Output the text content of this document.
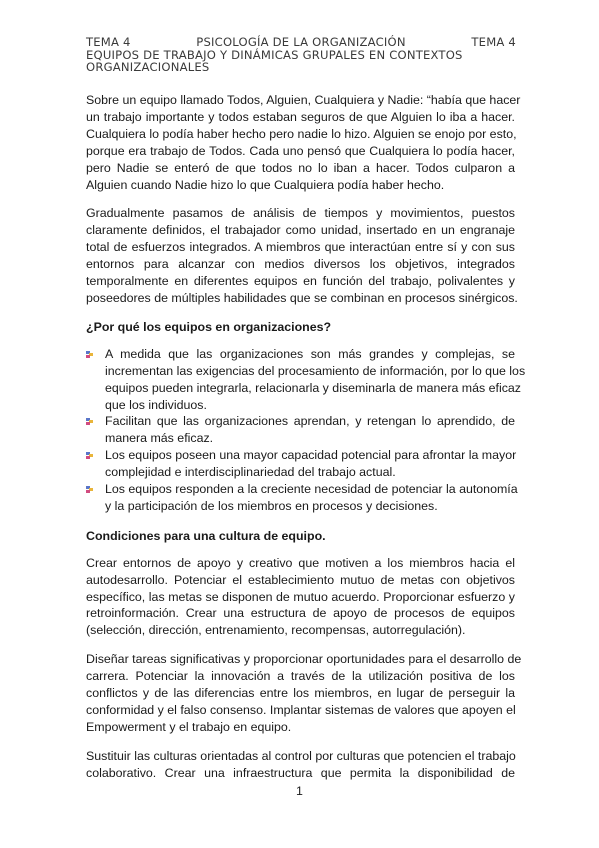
TEMA 4	PSICOLOGÍA DE LA ORGANIZACIÓN	TEMA 4
EQUIPOS DE TRABAJO Y DINÁMICAS GRUPALES EN CONTEXTOS
ORGANIZACIONALES

Sobre un equipo llamado Todos, Alguien, Cualquiera y Nadie: “había que hacer
un trabajo importante y todos estaban seguros de que Alguien lo iba a hacer.
Cualquiera lo podía haber hecho pero nadie lo hizo. Alguien se enojo por esto,
porque era trabajo de Todos. Cada uno pensó que Cualquiera lo podía hacer,
pero Nadie se enteró de que todos no lo iban a hacer. Todos culparon a
Alguien cuando Nadie hizo lo que Cualquiera podía haber hecho.

Gradualmente pasamos de análisis de tiempos y movimientos, puestos
claramente definidos, el trabajador como unidad, insertado en un engranaje
total de esfuerzos integrados. A miembros que interactúan entre sí y con sus
entornos para alcanzar con medios diversos los objetivos, integrados
temporalmente en diferentes equipos en función del trabajo, polivalentes y
poseedores de múltiples habilidades que se combinan en procesos sinérgicos.

¿Por qué los equipos en organizaciones?
A medida que las organizaciones son más grandes y complejas, se
incrementan las exigencias del procesamiento de información, por lo que los
equipos pueden integrarla, relacionarla y diseminarla de manera más eficaz
que los individuos.
Facilitan que las organizaciones aprendan, y retengan lo aprendido, de
manera más eficaz.
Los equipos poseen una mayor capacidad potencial para afrontar la mayor
complejidad e interdisciplinariedad del trabajo actual.
Los equipos responden a la creciente necesidad de potenciar la autonomía
y la participación de los miembros en procesos y decisiones.
Condiciones para una cultura de equipo.

Crear entornos de apoyo y creativo que motiven a los miembros hacia el
autodesarrollo. Potenciar el establecimiento mutuo de metas con objetivos
específico, las metas se disponen de mutuo acuerdo. Proporcionar esfuerzo y
retroinformación. Crear una estructura de apoyo de procesos de equipos
(selección, dirección, entrenamiento, recompensas, autorregulación).

Diseñar tareas significativas y proporcionar oportunidades para el desarrollo de
carrera. Potenciar la innovación a través de la utilización positiva de los
conflictos y de las diferencias entre los miembros, en lugar de perseguir la
conformidad y el falso consenso. Implantar sistemas de valores que apoyen el
Empowerment y el trabajo en equipo.

Sustituir las culturas orientadas al control por culturas que potencien el trabajo
colaborativo. Crear una infraestructura que permita la disponibilidad de

1
